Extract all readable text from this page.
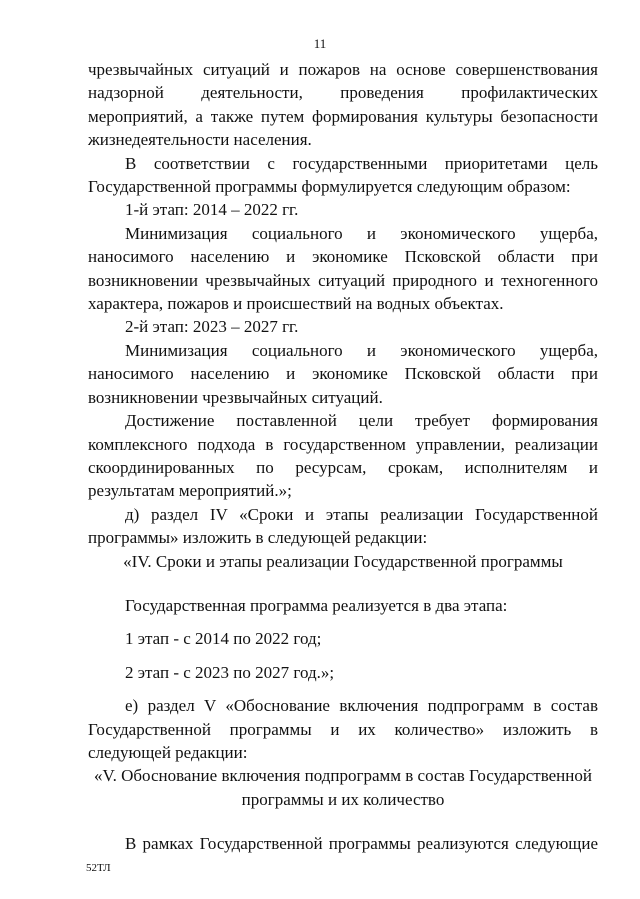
11

чрезвычайных ситуаций и пожаров на основе совершенствования надзорной деятельности, проведения профилактических мероприятий, а также путем формирования культуры безопасности жизнедеятельности населения.

В соответствии с государственными приоритетами цель Государственной программы формулируется следующим образом:

1-й этап: 2014 – 2022 гг.

Минимизация социального и экономического ущерба, наносимого населению и экономике Псковской области при возникновении чрезвычайных ситуаций природного и техногенного характера, пожаров и происшествий на водных объектах.

2-й этап: 2023 – 2027 гг.

Минимизация социального и экономического ущерба, наносимого населению и экономике Псковской области при возникновении чрезвычайных ситуаций.

Достижение поставленной цели требует формирования комплексного подхода в государственном управлении, реализации скоординированных по ресурсам, срокам, исполнителям и результатам мероприятий.»;

д) раздел IV «Сроки и этапы реализации Государственной программы» изложить в следующей редакции:

«IV. Сроки и этапы реализации Государственной программы

Государственная программа реализуется в два этапа:

1 этап - с 2014 по 2022 год;

2 этап - с 2023 по 2027 год.»;

е) раздел V «Обоснование включения подпрограмм в состав Государственной программы и их количество» изложить в следующей редакции:

«V. Обоснование включения подпрограмм в состав Государственной программы и их количество

В рамках Государственной программы реализуются следующие

52ТЛ
